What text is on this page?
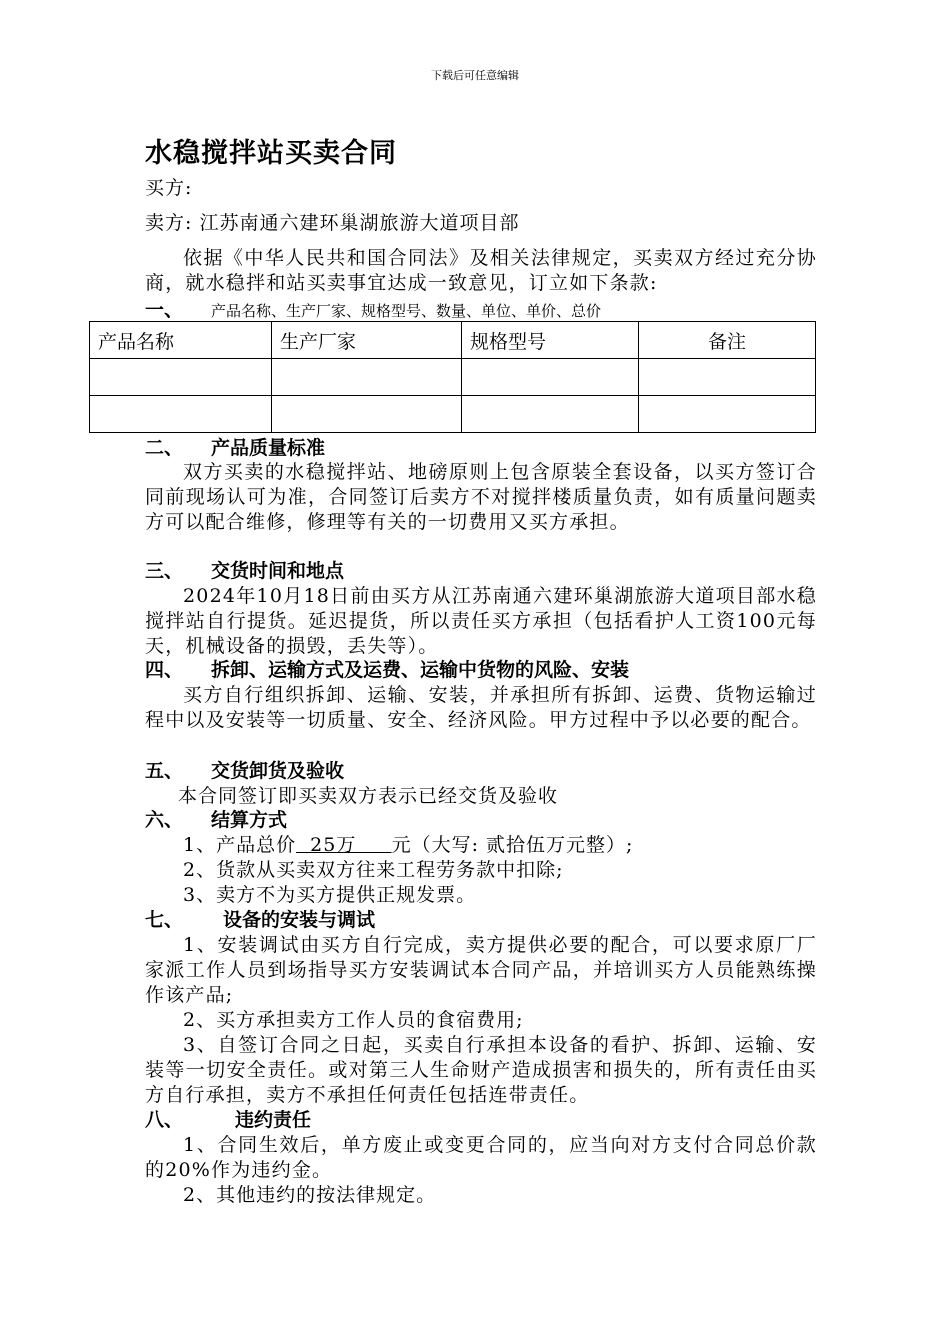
下载后可任意编辑
水稳搅拌站买卖合同
买方:
卖方: 江苏南通六建环巢湖旅游大道项目部
依据《中华人民共和国合同法》及相关法律规定，买卖双方经过充分协商，就水稳拌和站买卖事宜达成一致意见，订立如下条款:
一、 产品名称、生产厂家、规格型号、数量、单位、单价、总价
产品名称	生产厂家	规格型号	备注

二、 产品质量标准
双方买卖的水稳搅拌站、地磅原则上包含原装全套设备，以买方签订合同前现场认可为准，合同签订后卖方不对搅拌楼质量负责，如有质量问题卖方可以配合维修，修理等有关的一切费用又买方承担。
三、 交货时间和地点
2024年10月18日前由买方从江苏南通六建环巢湖旅游大道项目部水稳搅拌站自行提货。延迟提货，所以责任买方承担（包括看护人工资100元每天，机械设备的损毁，丢失等）。
四、 拆卸、运输方式及运费、运输中货物的风险、安装
买方自行组织拆卸、运输、安装，并承担所有拆卸、运费、货物运输过程中以及安装等一切质量、安全、经济风险。甲方过程中予以必要的配合。
五、 交货卸货及验收
本合同签订即买卖双方表示已经交货及验收
六、 结算方式
1、产品总价  25万     元（大写: 贰拾伍万元整）;
2、货款从买卖双方往来工程劳务款中扣除;
3、卖方不为买方提供正规发票。
七、 设备的安装与调试
1、安装调试由买方自行完成，卖方提供必要的配合，可以要求原厂厂家派工作人员到场指导买方安装调试本合同产品，并培训买方人员能熟练操作该产品;
2、买方承担卖方工作人员的食宿费用;
3、自签订合同之日起，买卖自行承担本设备的看护、拆卸、运输、安装等一切安全责任。或对第三人生命财产造成损害和损失的，所有责任由买方自行承担，卖方不承担任何责任包括连带责任。
八、	违约责任
1、合同生效后，单方废止或变更合同的，应当向对方支付合同总价款的20%作为违约金。
2、其他违约的按法律规定。
